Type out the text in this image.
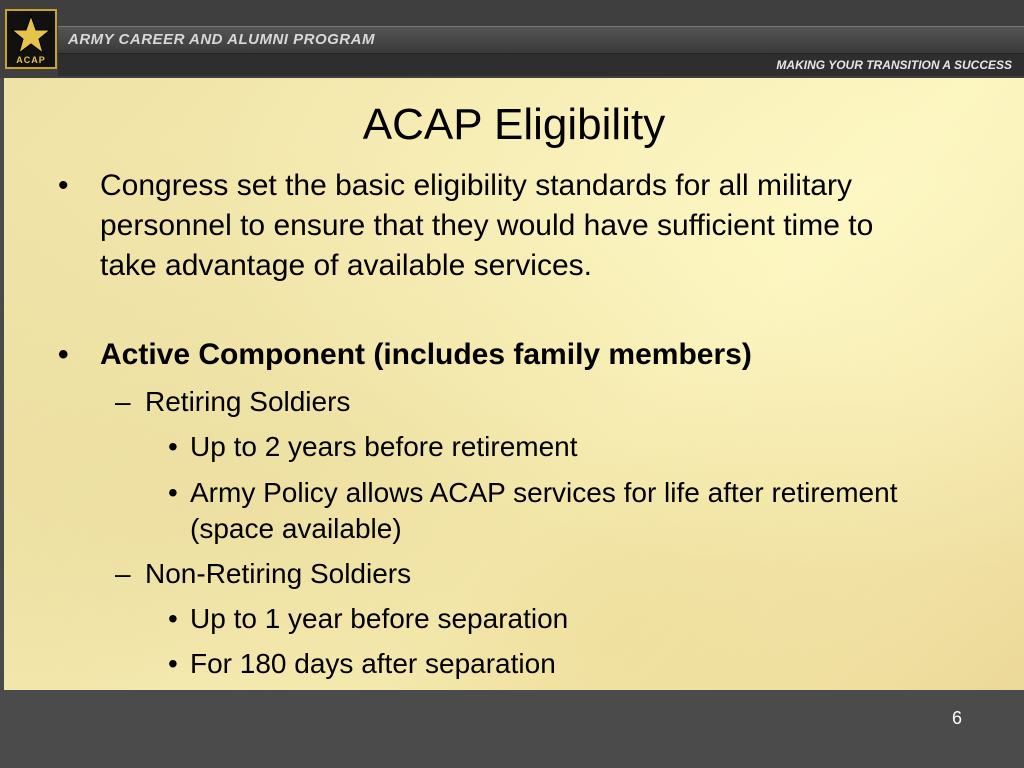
ACAP
ARMY CAREER AND ALUMNI PROGRAM
MAKING YOUR TRANSITION A SUCCESS
ACAP Eligibility
• Congress set the basic eligibility standards for all military personnel to ensure that they would have sufficient time to take advantage of available services.
• Active Component (includes family members)
– Retiring Soldiers
• Up to 2 years before retirement
• Army Policy allows ACAP services for life after retirement (space available)
– Non-Retiring Soldiers
• Up to 1 year before separation
• For 180 days after separation
6
